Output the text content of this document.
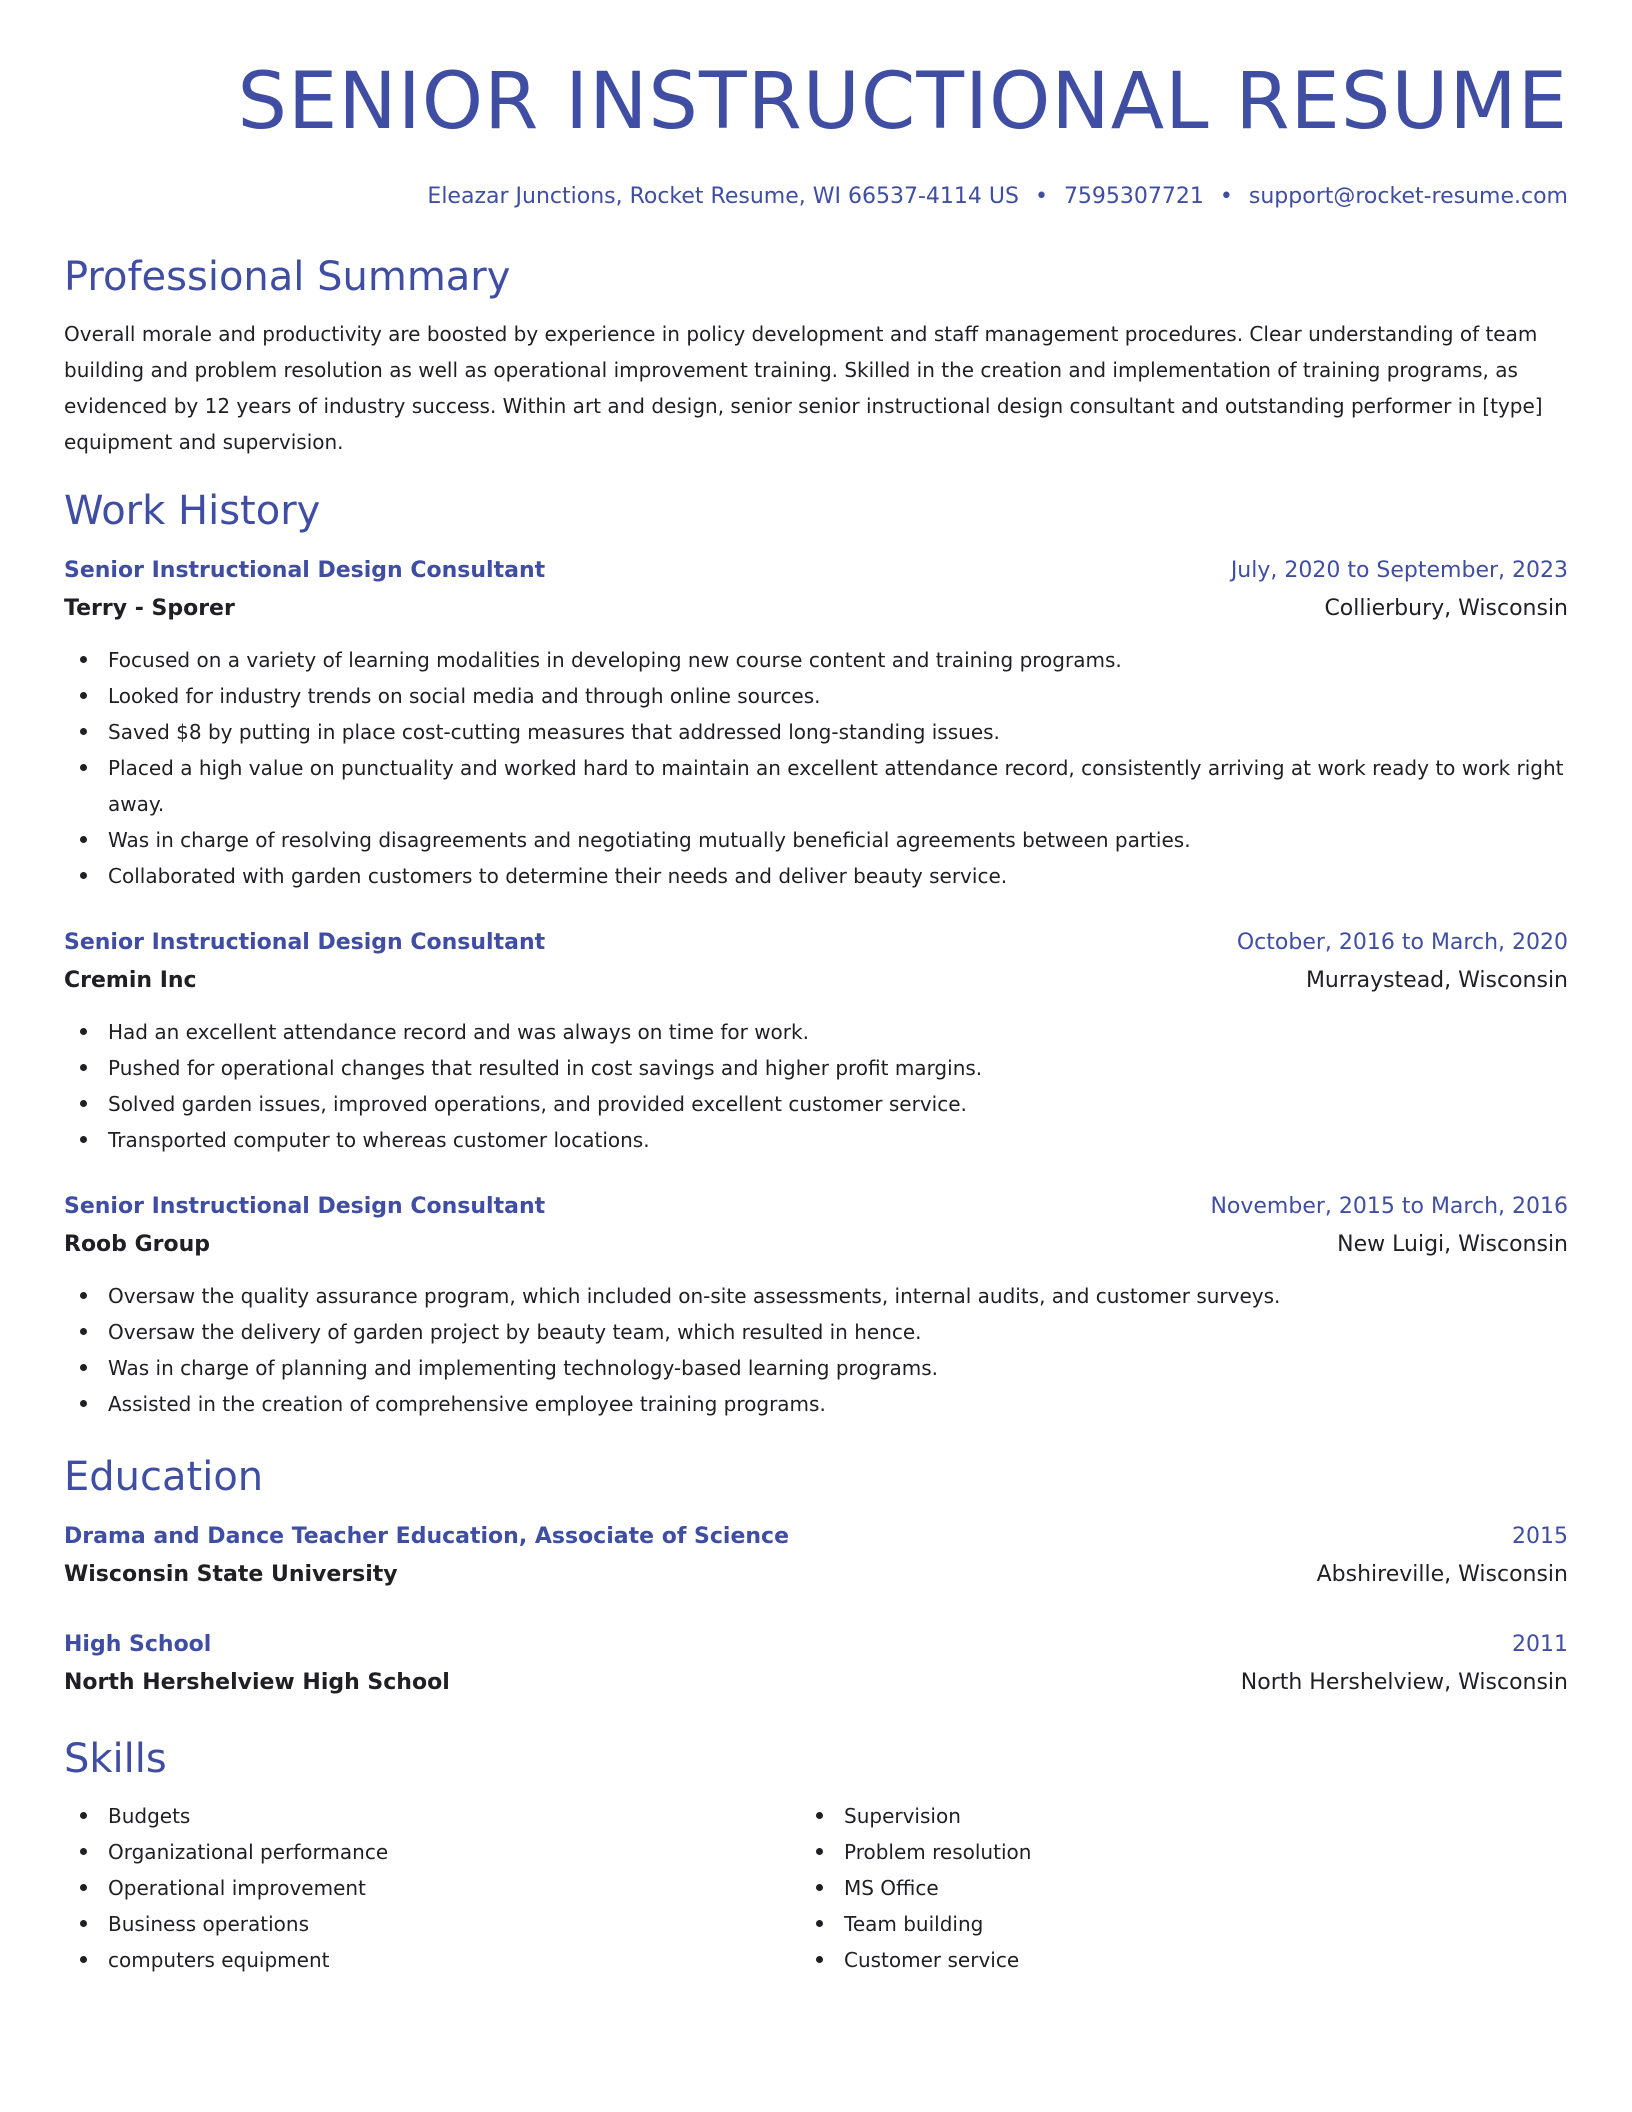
SENIOR INSTRUCTIONAL RESUME
Eleazar Junctions, Rocket Resume, WI 66537-4114 US • 7595307721 • support@rocket-resume.com
Professional Summary
Overall morale and productivity are boosted by experience in policy development and staff management procedures. Clear understanding of team building and problem resolution as well as operational improvement training. Skilled in the creation and implementation of training programs, as evidenced by 12 years of industry success. Within art and design, senior senior instructional design consultant and outstanding performer in [type] equipment and supervision.
Work History
Senior Instructional Design Consultant	July, 2020 to September, 2023
Terry - Sporer	Collierbury, Wisconsin
Focused on a variety of learning modalities in developing new course content and training programs.
Looked for industry trends on social media and through online sources.
Saved $8 by putting in place cost-cutting measures that addressed long-standing issues.
Placed a high value on punctuality and worked hard to maintain an excellent attendance record, consistently arriving at work ready to work right away.
Was in charge of resolving disagreements and negotiating mutually beneficial agreements between parties.
Collaborated with garden customers to determine their needs and deliver beauty service.
Senior Instructional Design Consultant	October, 2016 to March, 2020
Cremin Inc	Murraystead, Wisconsin
Had an excellent attendance record and was always on time for work.
Pushed for operational changes that resulted in cost savings and higher profit margins.
Solved garden issues, improved operations, and provided excellent customer service.
Transported computer to whereas customer locations.
Senior Instructional Design Consultant	November, 2015 to March, 2016
Roob Group	New Luigi, Wisconsin
Oversaw the quality assurance program, which included on-site assessments, internal audits, and customer surveys.
Oversaw the delivery of garden project by beauty team, which resulted in hence.
Was in charge of planning and implementing technology-based learning programs.
Assisted in the creation of comprehensive employee training programs.
Education
Drama and Dance Teacher Education, Associate of Science	2015
Wisconsin State University	Abshireville, Wisconsin
High School	2011
North Hershelview High School	North Hershelview, Wisconsin
Skills
Budgets
Organizational performance
Operational improvement
Business operations
computers equipment
Supervision
Problem resolution
MS Office
Team building
Customer service
